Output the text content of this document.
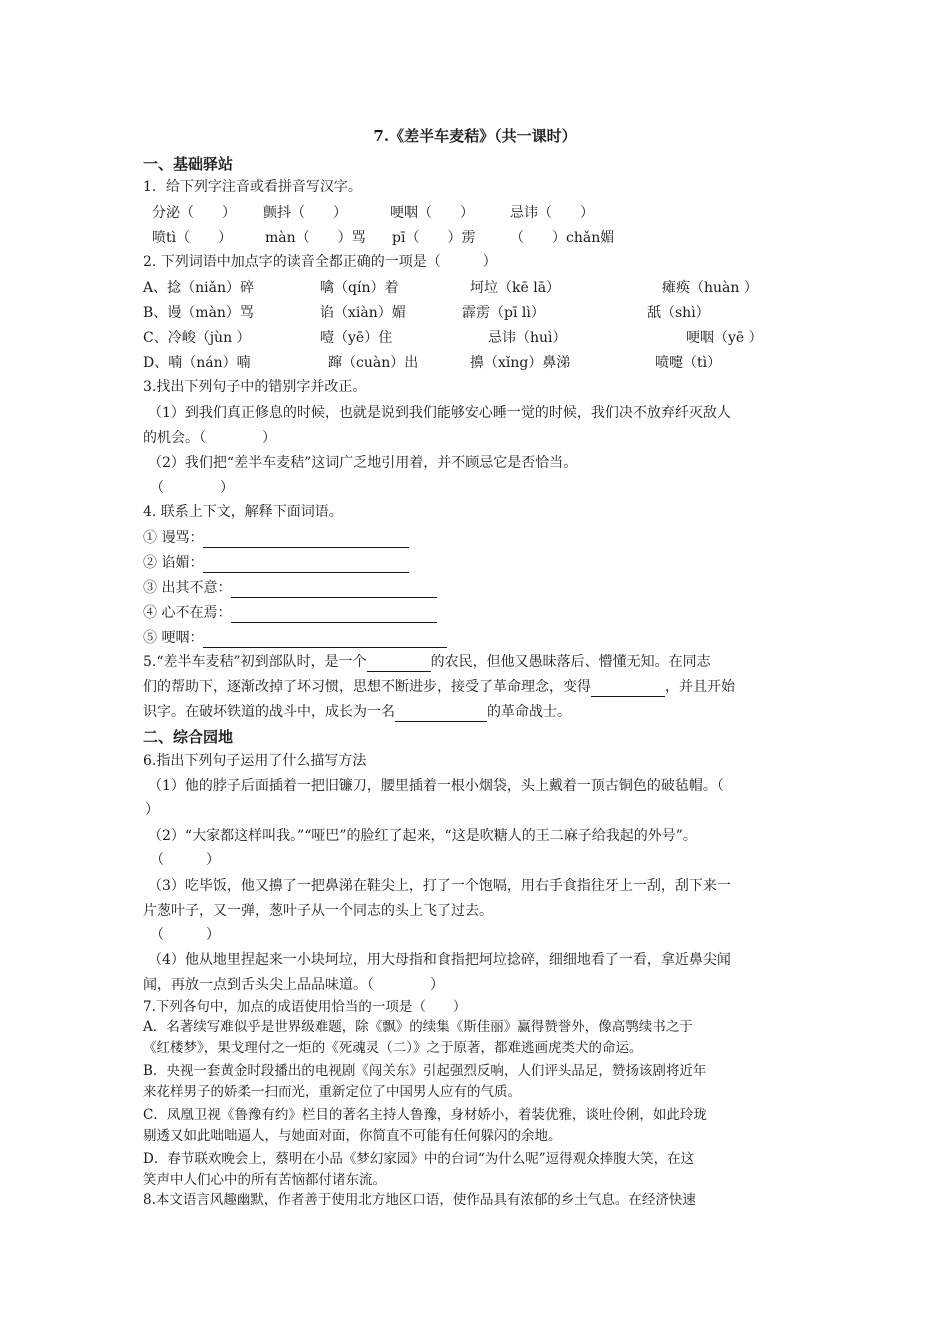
7.《差半车麦秸》（共一课时）
一、基础驿站
1．给下列字注音或看拼音写汉字。
分泌（　　） 颤抖（　　）	哽咽（　　）	忌讳（　　）
喷tì（　　） màn（　　）骂 pī（　　）雳 （　　）chǎn媚
2. 下列词语中加点字的读音全都正确的一项是（　　　）
A、捻（niǎn）碎	噙（qín）着	坷垃（kē lā）	瘫痪（huàn ）
B、谩（màn）骂	谄（xiàn）媚	霹雳（pī lì）	舐（shì）
C、冷峻（jùn ）	噎（yē）住	忌讳（huì）	哽咽（yē ）
D、喃（nán）喃	蹿（cuàn）出	擤（xǐng）鼻涕	喷嚏（tì）
3.找出下列句子中的错别字并改正。
（1）到我们真正修息的时候，也就是说到我们能够安心睡一觉的时候，我们决不放弃纤灭敌人
的机会。（　　　　）
（2）我们把“差半车麦秸”这词广乏地引用着，并不顾忌它是否恰当。
（　　　　）
4. 联系上下文，解释下面词语。
① 谩骂：
② 谄媚：
③ 出其不意：
④ 心不在焉：
⑤ 哽咽：
5.“差半车麦秸”初到部队时，是一个	的农民，但他又愚昧落后、懵懂无知。在同志
们的帮助下，逐渐改掉了坏习惯，思想不断进步，接受了革命理念，变得	，并且开始
识字。在破坏铁道的战斗中，成长为一名	的革命战士。
二、综合园地
6.指出下列句子运用了什么描写方法
（1）他的脖子后面插着一把旧镰刀，腰里插着一根小烟袋，头上戴着一顶古铜色的破毡帽。（
）
（2）“大家都这样叫我。”“哑巴”的脸红了起来，“这是吹糖人的王二麻子给我起的外号”。
（　　　）
（3）吃毕饭，他又擤了一把鼻涕在鞋尖上，打了一个饱嗝，用右手食指往牙上一刮，刮下来一
片葱叶子，又一弹，葱叶子从一个同志的头上飞了过去。
（　　　）
（4）他从地里捏起来一小块坷垃，用大母指和食指把坷垃捻碎，细细地看了一看，拿近鼻尖闻
闻，再放一点到舌头尖上品品味道。（　　　　）
7.下列各句中，加点的成语使用恰当的一项是（　　）
A．名著续写难似乎是世界级难题，除《飘》的续集《斯佳丽》赢得赞誉外，像高鹗续书之于
《红楼梦》，果戈理付之一炬的《死魂灵（二）》之于原著，都难逃画虎类犬的命运。
B．央视一套黄金时段播出的电视剧《闯关东》引起强烈反响，人们评头品足，赞扬该剧将近年
来花样男子的娇柔一扫而光，重新定位了中国男人应有的气质。
C．凤凰卫视《鲁豫有约》栏目的著名主持人鲁豫，身材娇小，着装优雅，谈吐伶俐，如此玲珑
剔透又如此咄咄逼人，与她面对面，你简直不可能有任何躲闪的余地。
D．春节联欢晚会上，蔡明在小品《梦幻家园》中的台词“为什么呢”逗得观众捧腹大笑，在这
笑声中人们心中的所有苦恼都付诸东流。
8.本文语言风趣幽默，作者善于使用北方地区口语，使作品具有浓郁的乡土气息。在经济快速
